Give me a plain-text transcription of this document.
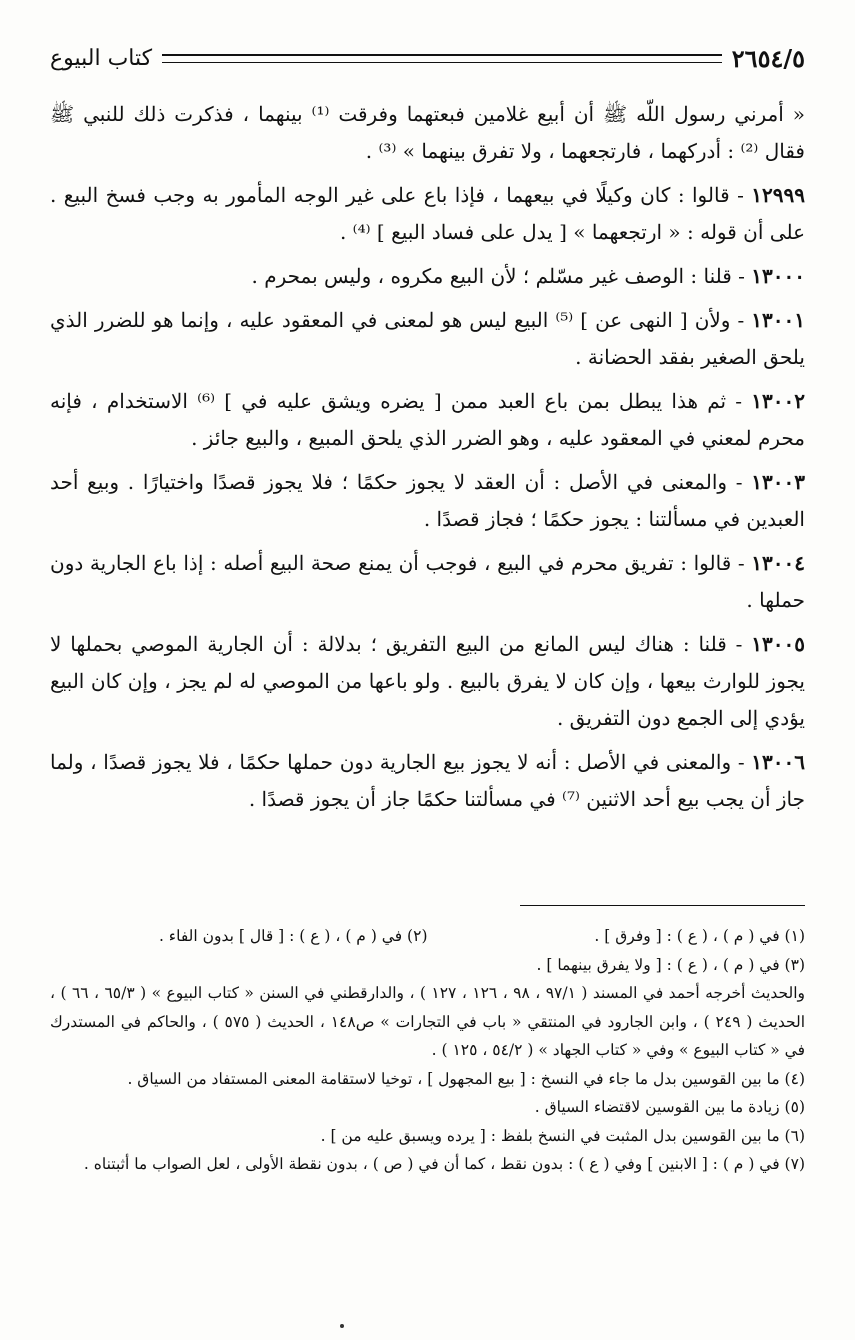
٢٦٥٤/٥
كتاب البيوع

« أمرني رسول اللّه ﷺ أن أبيع غلامين فبعتهما وفرقت ⁽¹⁾ بينهما ، فذكرت ذلك للنبي ﷺ فقال ⁽²⁾ : أدركهما ، فارتجعهما ، ولا تفرق بينهما » ⁽³⁾ .

١٢٩٩٩ - قالوا : كان وكيلًا في بيعهما ، فإذا باع على غير الوجه المأمور به وجب فسخ البيع . على أن قوله : « ارتجعهما » [ يدل على فساد البيع ] ⁽⁴⁾ .

١٣٠٠٠ - قلنا : الوصف غير مسّلم ؛ لأن البيع مكروه ، وليس بمحرم .

١٣٠٠١ - ولأن [ النهى عن ] ⁽⁵⁾ البيع ليس هو لمعنى في المعقود عليه ، وإنما هو للضرر الذي يلحق الصغير بفقد الحضانة .

١٣٠٠٢ - ثم هذا يبطل بمن باع العبد ممن [ يضره ويشق عليه في ] ⁽⁶⁾ الاستخدام ، فإنه محرم لمعني في المعقود عليه ، وهو الضرر الذي يلحق المبيع ، والبيع جائز .

١٣٠٠٣ - والمعنى في الأصل : أن العقد لا يجوز حكمًا ؛ فلا يجوز قصدًا واختيارًا . وبيع أحد العبدين في مسألتنا : يجوز حكمًا ؛ فجاز قصدًا .

١٣٠٠٤ - قالوا : تفريق محرم في البيع ، فوجب أن يمنع صحة البيع أصله : إذا باع الجارية دون حملها .

١٣٠٠٥ - قلنا : هناك ليس المانع من البيع التفريق ؛ بدلالة : أن الجارية الموصي بحملها لا يجوز للوارث بيعها ، وإن كان لا يفرق بالبيع . ولو باعها من الموصي له لم يجز ، وإن كان البيع يؤدي إلى الجمع دون التفريق .

١٣٠٠٦ - والمعنى في الأصل : أنه لا يجوز بيع الجارية دون حملها حكمًا ، فلا يجوز قصدًا ، ولما جاز أن يجب بيع أحد الاثنين ⁽⁷⁾ في مسألتنا حكمًا جاز أن يجوز قصدًا .

(١) في ( م ) ، ( ع ) : [ وفرق ] .
(٢) في ( م ) ، ( ع ) : [ قال ] بدون الفاء .

(٣) في ( م ) ، ( ع ) : [ ولا يفرق بينهما ] .

والحديث أخرجه أحمد في المسند ( ٩٧/١ ، ٩٨ ، ١٢٦ ، ١٢٧ ) ، والدارقطني في السنن « كتاب البيوع » ( ٦٥/٣ ، ٦٦ ) ، الحديث ( ٢٤٩ ) ، وابن الجارود في المنتقي « باب في التجارات » ص١٤٨ ، الحديث ( ٥٧٥ ) ، والحاكم في المستدرك في « كتاب البيوع » وفي « كتاب الجهاد » ( ٥٤/٢ ، ١٢٥ ) .

(٤) ما بين القوسين بدل ما جاء في النسخ : [ بيع المجهول ] ، توخيا لاستقامة المعنى المستفاد من السياق .

(٥) زيادة ما بين القوسين لاقتضاء السياق .

(٦) ما بين القوسين بدل المثبت في النسخ بلفظ : [ يرده ويسبق عليه من ] .

(٧) في ( م ) : [ الابنين ] وفي ( ع ) : بدون نقط ، كما أن في ( ص ) ، بدون نقطة الأولى ، لعل الصواب ما أثبتناه .
